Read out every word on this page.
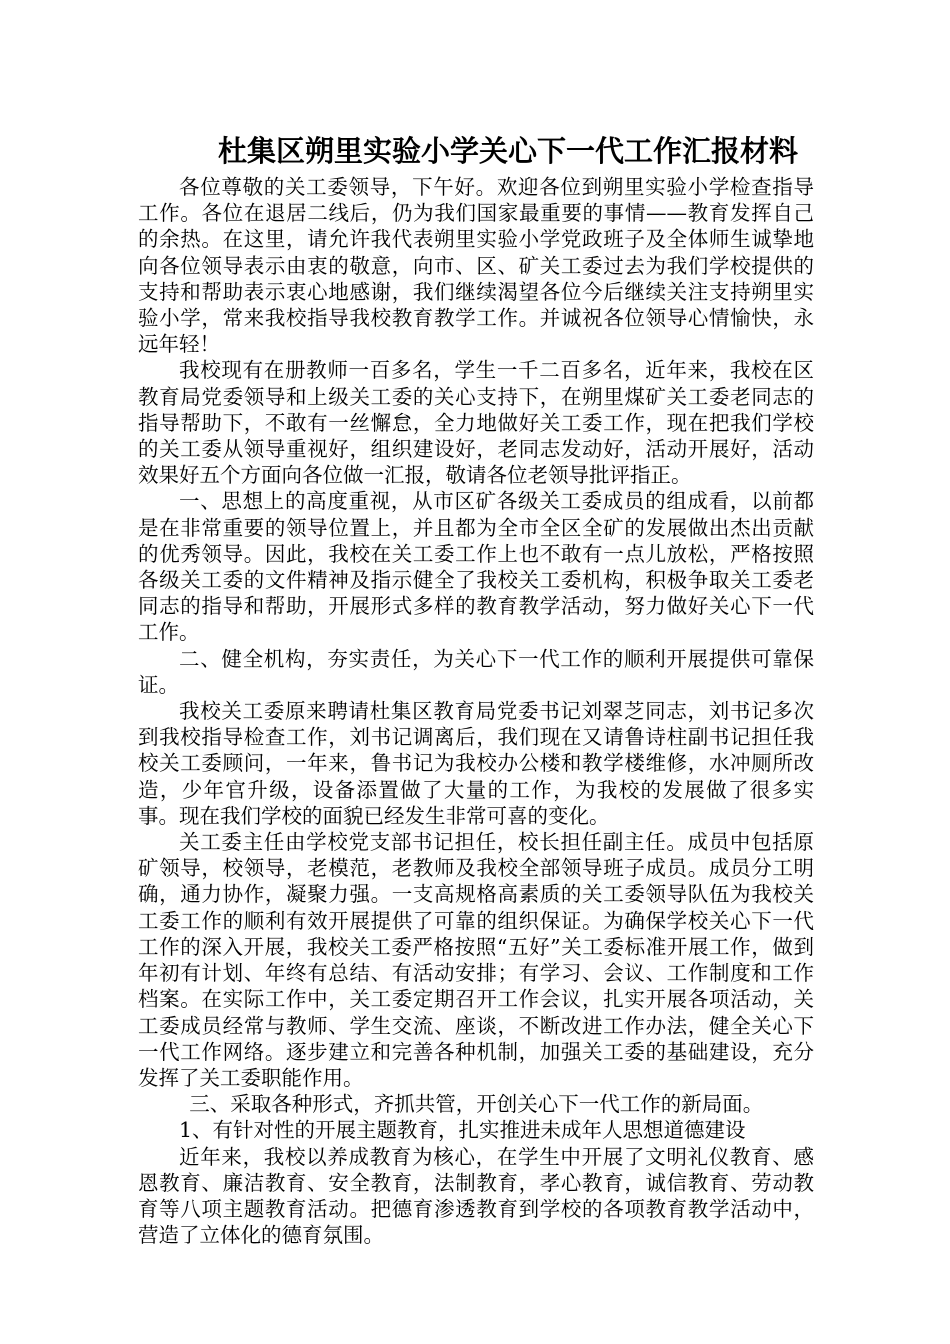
杜集区朔里实验小学关心下一代工作汇报材料

各位尊敬的关工委领导，下午好。欢迎各位到朔里实验小学检查指导工作。各位在退居二线后，仍为我们国家最重要的事情——教育发挥自己的余热。在这里，请允许我代表朔里实验小学党政班子及全体师生诚挚地向各位领导表示由衷的敬意，向市、区、矿关工委过去为我们学校提供的支持和帮助表示衷心地感谢，我们继续渴望各位今后继续关注支持朔里实验小学，常来我校指导我校教育教学工作。并诚祝各位领导心情愉快，永远年轻！

我校现有在册教师一百多名，学生一千二百多名，近年来，我校在区教育局党委领导和上级关工委的关心支持下，在朔里煤矿关工委老同志的指导帮助下，不敢有一丝懈怠，全力地做好关工委工作，现在把我们学校的关工委从领导重视好，组织建设好，老同志发动好，活动开展好，活动效果好五个方面向各位做一汇报，敬请各位老领导批评指正。

一、思想上的高度重视，从市区矿各级关工委成员的组成看，以前都是在非常重要的领导位置上，并且都为全市全区全矿的发展做出杰出贡献的优秀领导。因此，我校在关工委工作上也不敢有一点儿放松，严格按照各级关工委的文件精神及指示健全了我校关工委机构，积极争取关工委老同志的指导和帮助，开展形式多样的教育教学活动，努力做好关心下一代工作。

二、健全机构，夯实责任，为关心下一代工作的顺利开展提供可靠保证。

我校关工委原来聘请杜集区教育局党委书记刘翠芝同志，刘书记多次到我校指导检查工作，刘书记调离后，我们现在又请鲁诗柱副书记担任我校关工委顾问，一年来，鲁书记为我校办公楼和教学楼维修，水冲厕所改造，少年官升级，设备添置做了大量的工作，为我校的发展做了很多实事。现在我们学校的面貌已经发生非常可喜的变化。

关工委主任由学校党支部书记担任，校长担任副主任。成员中包括原矿领导，校领导，老模范，老教师及我校全部领导班子成员。成员分工明确，通力协作，凝聚力强。一支高规格高素质的关工委领导队伍为我校关工委工作的顺利有效开展提供了可靠的组织保证。为确保学校关心下一代工作的深入开展，我校关工委严格按照“五好”关工委标准开展工作，做到年初有计划、年终有总结、有活动安排；有学习、会议、工作制度和工作档案。在实际工作中，关工委定期召开工作会议，扎实开展各项活动，关工委成员经常与教师、学生交流、座谈，不断改进工作办法，健全关心下一代工作网络。逐步建立和完善各种机制，加强关工委的基础建设，充分发挥了关工委职能作用。

三、采取各种形式，齐抓共管，开创关心下一代工作的新局面。

1、有针对性的开展主题教育，扎实推进未成年人思想道德建设

近年来，我校以养成教育为核心，在学生中开展了文明礼仪教育、感恩教育、廉洁教育、安全教育，法制教育，孝心教育，诚信教育、劳动教育等八项主题教育活动。把德育渗透教育到学校的各项教育教学活动中，营造了立体化的德育氛围。
